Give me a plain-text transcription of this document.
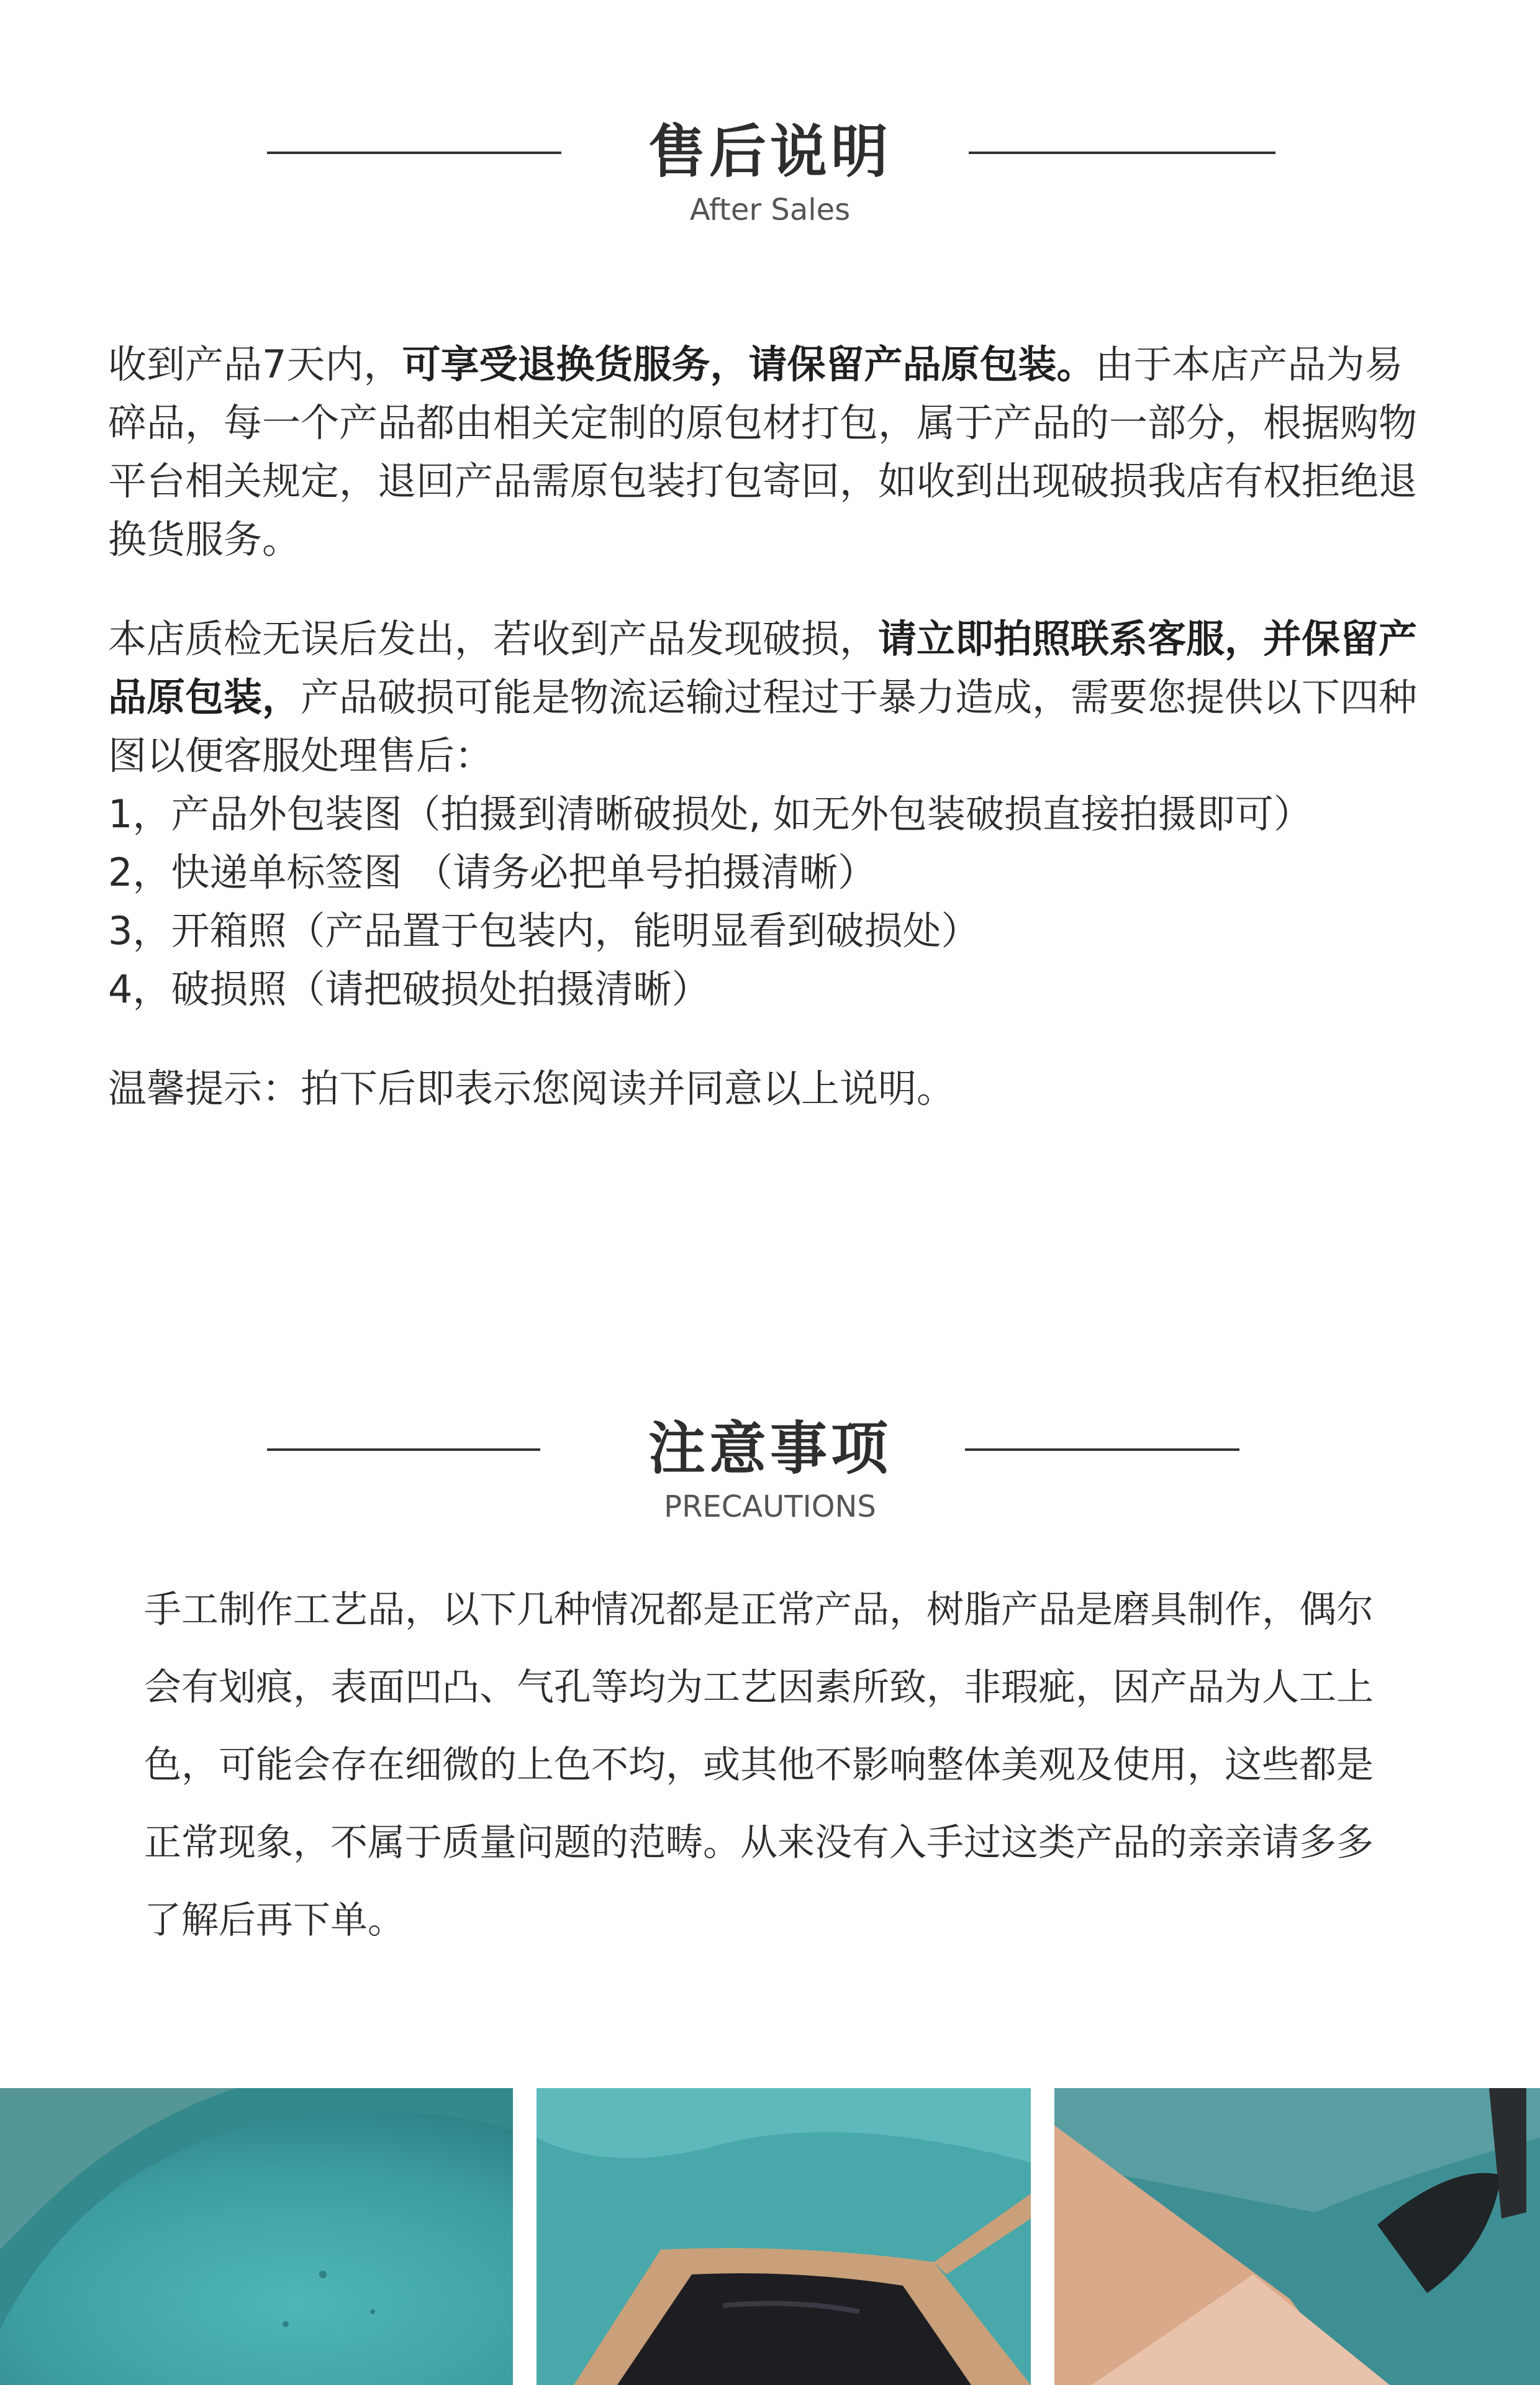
售后说明
After Sales

收到产品7天内，可享受退换货服务，请保留产品原包装。由于本店产品为易碎品，每一个产品都由相关定制的原包材打包，属于产品的一部分，根据购物平台相关规定，退回产品需原包装打包寄回，如收到出现破损我店有权拒绝退换货服务。

本店质检无误后发出，若收到产品发现破损，请立即拍照联系客服，并保留产品原包装，产品破损可能是物流运输过程过于暴力造成，需要您提供以下四种图以便客服处理售后：

1，产品外包装图（拍摄到清晰破损处, 如无外包装破损直接拍摄即可）

2，快递单标签图 （请务必把单号拍摄清晰）

3，开箱照（产品置于包装内，能明显看到破损处）

4，破损照（请把破损处拍摄清晰）

温馨提示：拍下后即表示您阅读并同意以上说明。

注意事项
PRECAUTIONS
手工制作工艺品，以下几种情况都是正常产品，树脂产品是磨具制作，偶尔会有划痕，表面凹凸、气孔等均为工艺因素所致，非瑕疵，因产品为人工上色，可能会存在细微的上色不均，或其他不影响整体美观及使用，这些都是正常现象，不属于质量问题的范畴。从来没有入手过这类产品的亲亲请多多了解后再下单。
